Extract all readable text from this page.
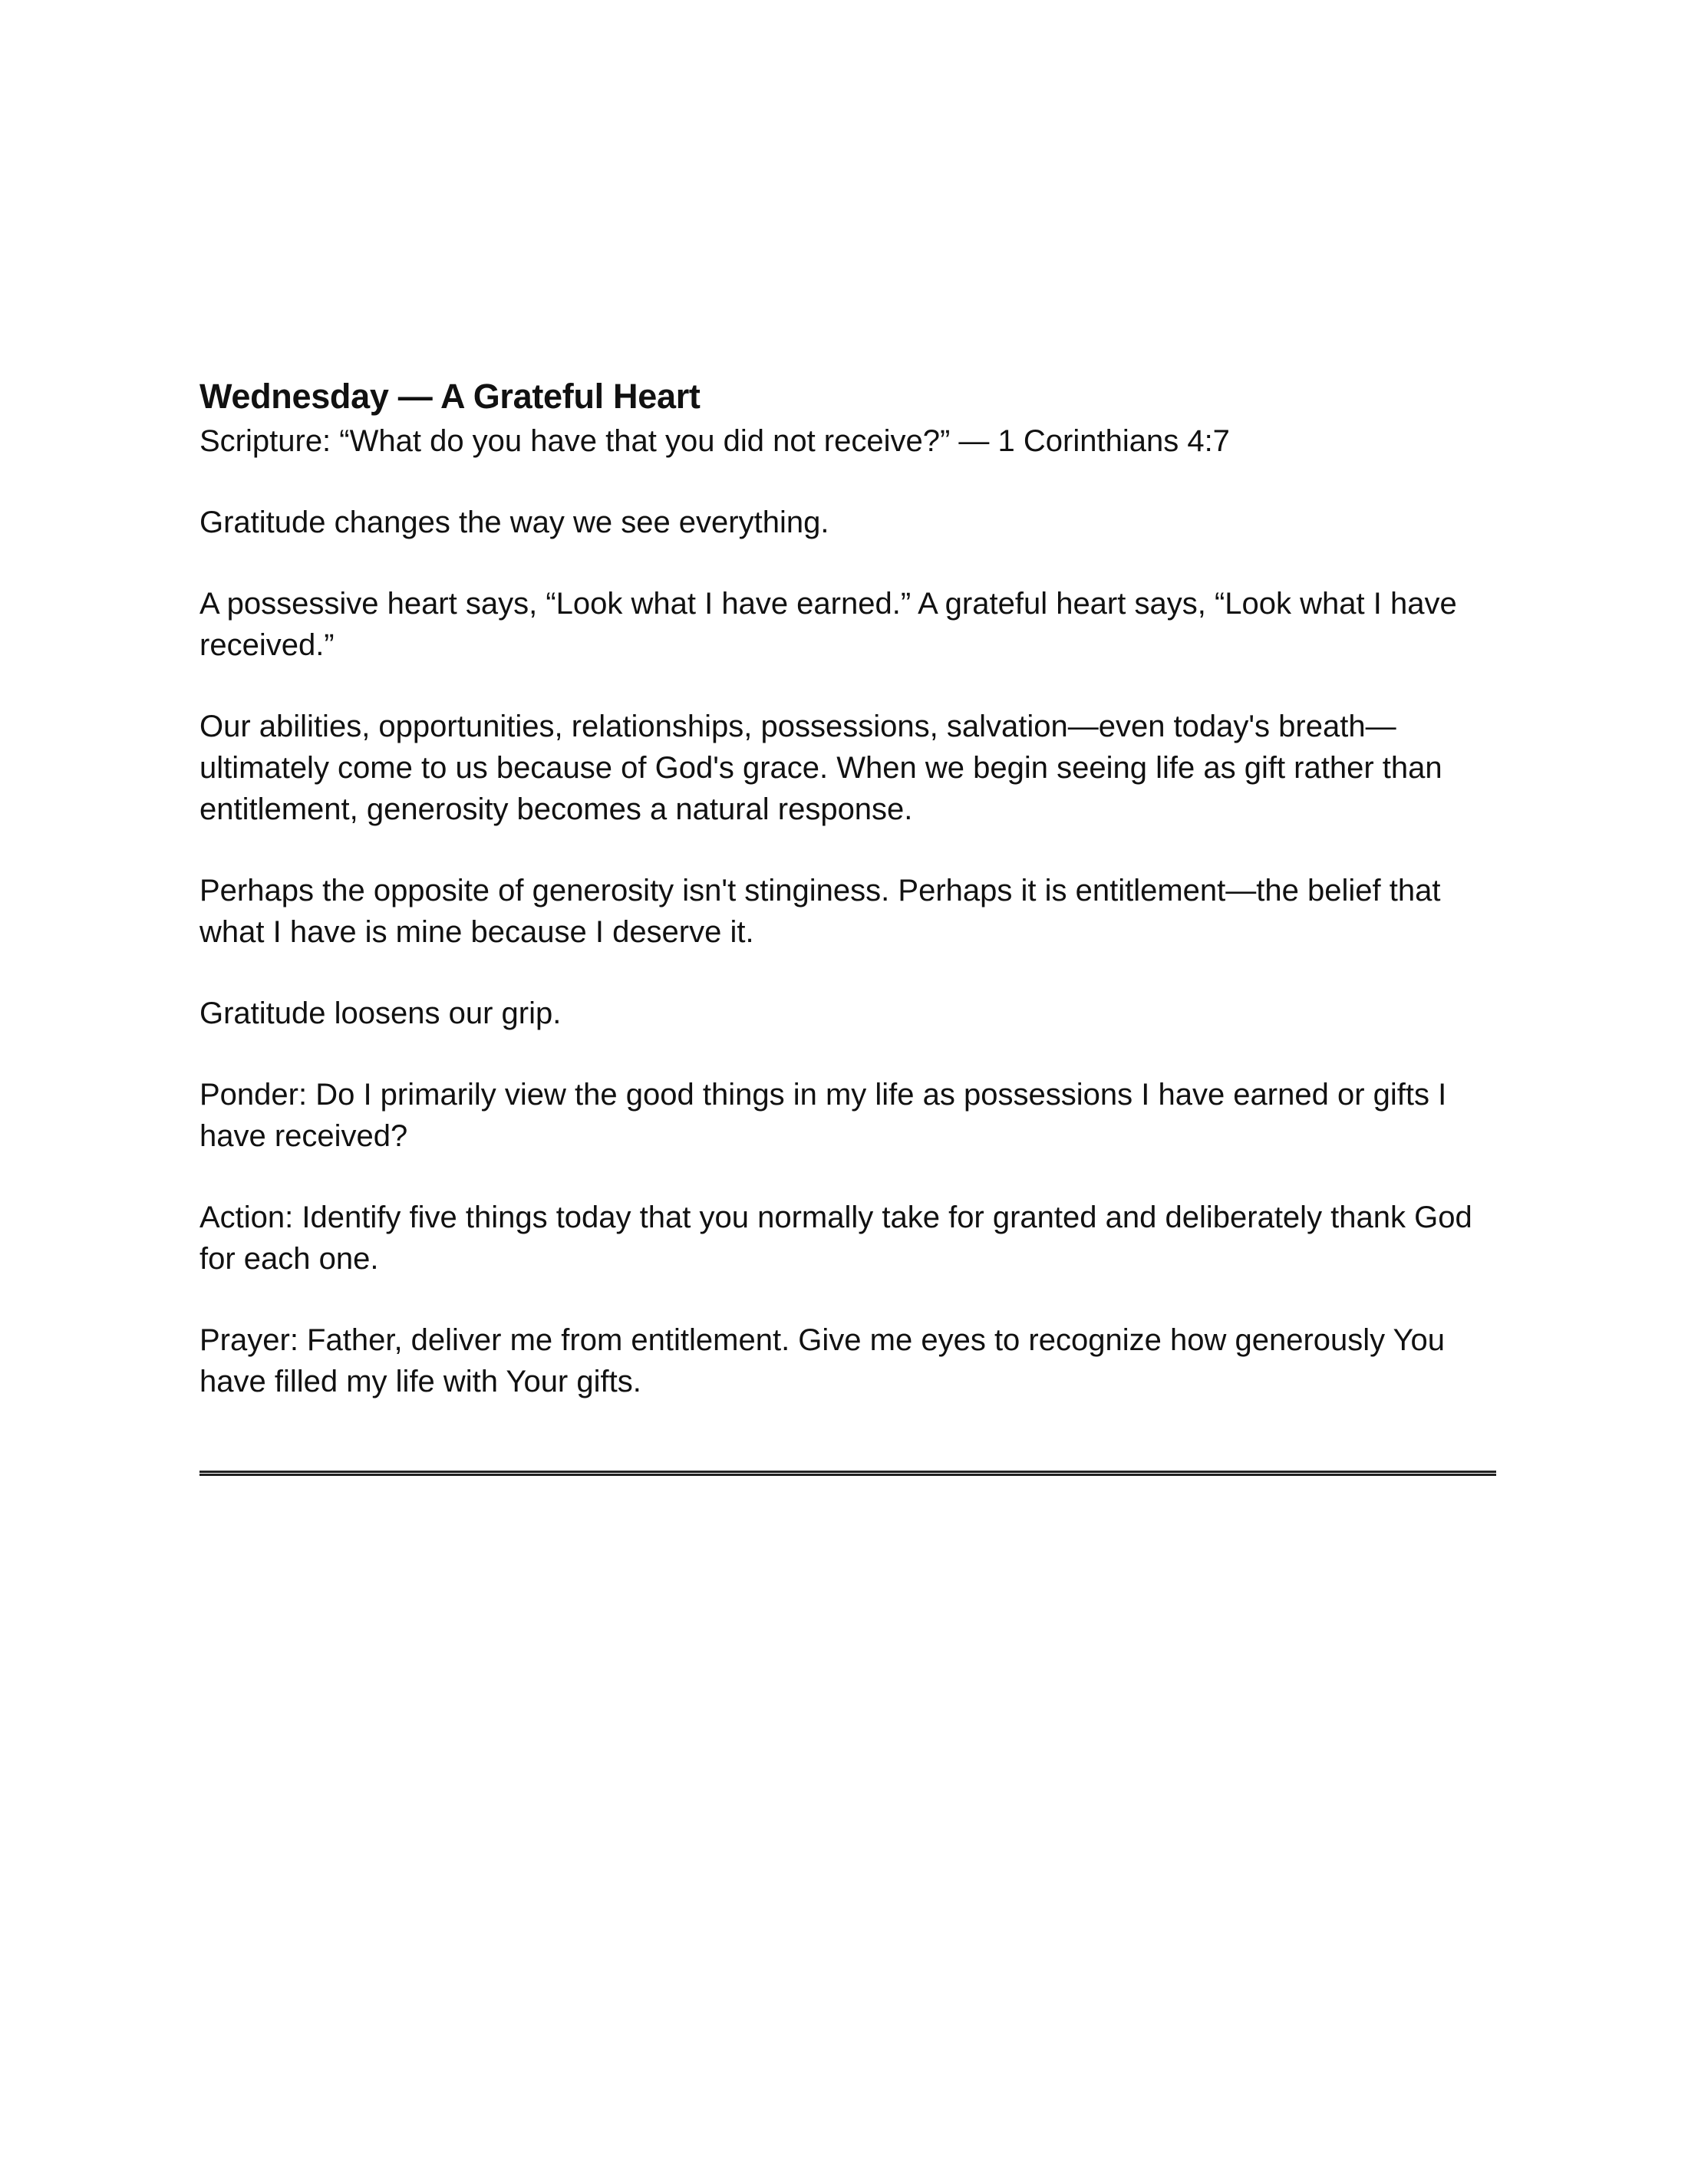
Wednesday — A Grateful Heart

Scripture: “What do you have that you did not receive?” — 1 Corinthians 4:7

Gratitude changes the way we see everything.

A possessive heart says, “Look what I have earned.” A grateful heart says, “Look what I have received.”

Our abilities, opportunities, relationships, possessions, salvation—even today's breath—ultimately come to us because of God's grace. When we begin seeing life as gift rather than entitlement, generosity becomes a natural response.

Perhaps the opposite of generosity isn't stinginess. Perhaps it is entitlement—the belief that what I have is mine because I deserve it.

Gratitude loosens our grip.

Ponder: Do I primarily view the good things in my life as possessions I have earned or gifts I have received?

Action: Identify five things today that you normally take for granted and deliberately thank God for each one.

Prayer: Father, deliver me from entitlement. Give me eyes to recognize how generously You have filled my life with Your gifts.
